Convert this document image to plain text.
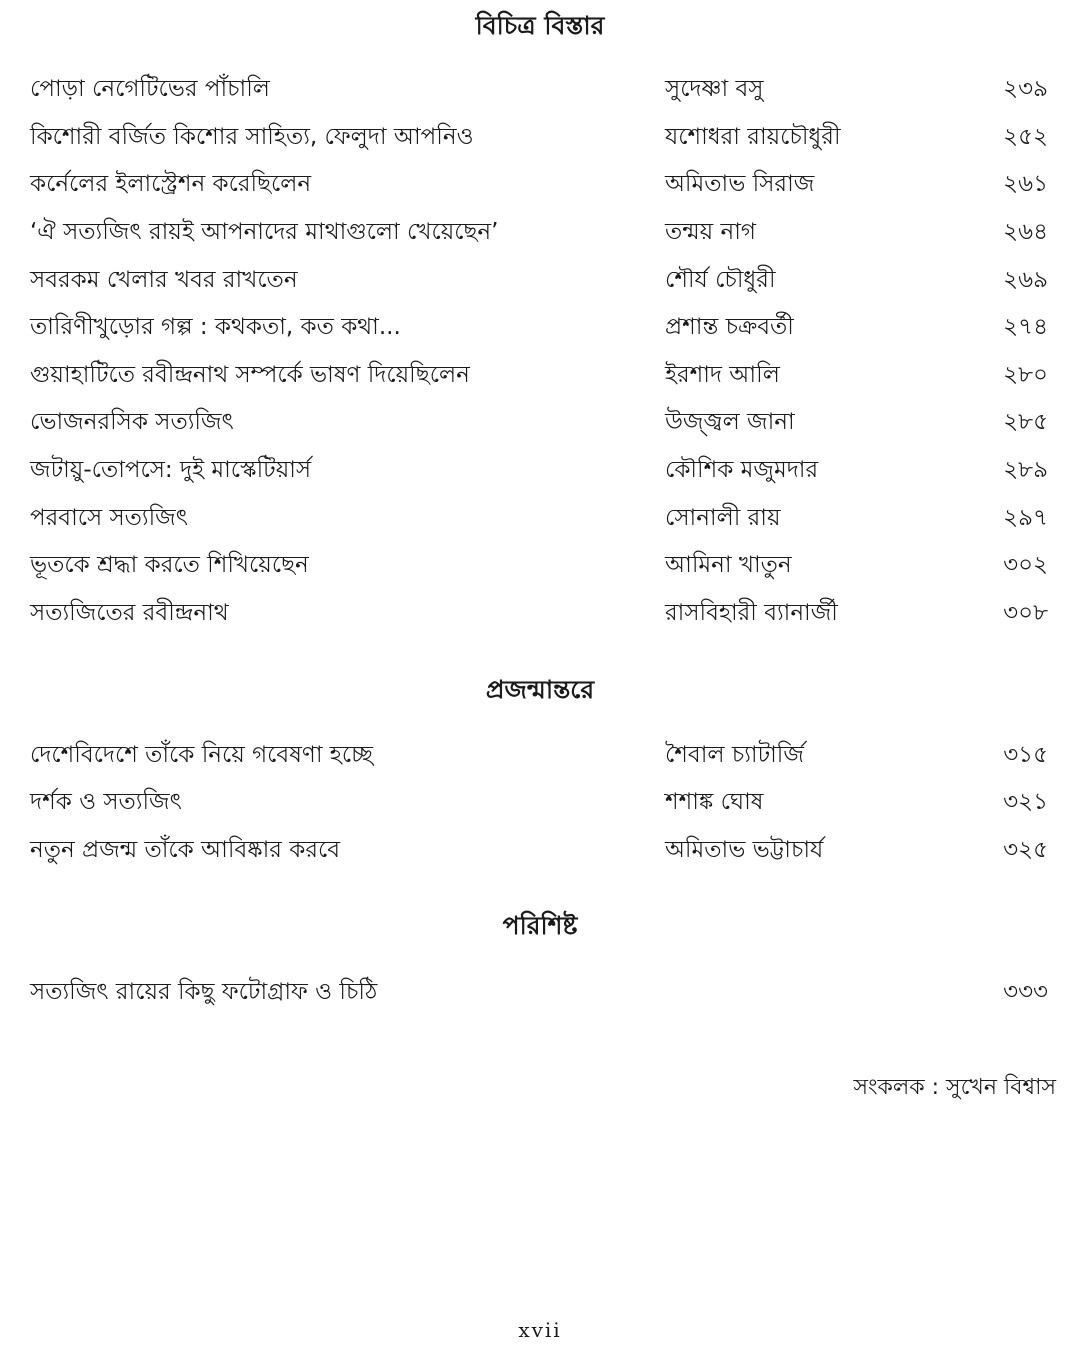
বিচিত্র বিস্তার
পোড়া নেগেটিভের পাঁচালি	সুদেষ্ণা বসু	২৩৯
কিশোরী বর্জিত কিশোর সাহিত্য, ফেলুদা আপনিও	যশোধরা রায়চৌধুরী	২৫২
কর্নেলের ইলাস্ট্রেশন করেছিলেন	অমিতাভ সিরাজ	২৬১
‘ঐ সত্যজিৎ রায়ই আপনাদের মাথাগুলো খেয়েছেন’	তন্ময় নাগ	২৬৪
সবরকম খেলার খবর রাখতেন	শৌর্য চৌধুরী	২৬৯
তারিণীখুড়োর গল্প : কথকতা, কত কথা...	প্রশান্ত চক্রবর্তী	২৭৪
গুয়াহাটিতে রবীন্দ্রনাথ সম্পর্কে ভাষণ দিয়েছিলেন	ইরশাদ আলি	২৮০
ভোজনরসিক সত্যজিৎ	উজ্জ্বল জানা	২৮৫
জটায়ু-তোপসে: দুই মাস্কেটিয়ার্স	কৌশিক মজুমদার	২৮৯
পরবাসে সত্যজিৎ	সোনালী রায়	২৯৭
ভূতকে শ্রদ্ধা করতে শিখিয়েছেন	আমিনা খাতুন	৩০২
সত্যজিতের রবীন্দ্রনাথ	রাসবিহারী ব্যানার্জী	৩০৮
প্রজন্মান্তরে
দেশেবিদেশে তাঁকে নিয়ে গবেষণা হচ্ছে	শৈবাল চ্যাটার্জি	৩১৫
দর্শক ও সত্যজিৎ	শশাঙ্ক ঘোষ	৩২১
নতুন প্রজন্ম তাঁকে আবিষ্কার করবে	অমিতাভ ভট্টাচার্য	৩২৫
পরিশিষ্ট
সত্যজিৎ রায়ের কিছু ফটোগ্রাফ ও চিঠি	৩৩৩
সংকলক : সুখেন বিশ্বাস
xvii
